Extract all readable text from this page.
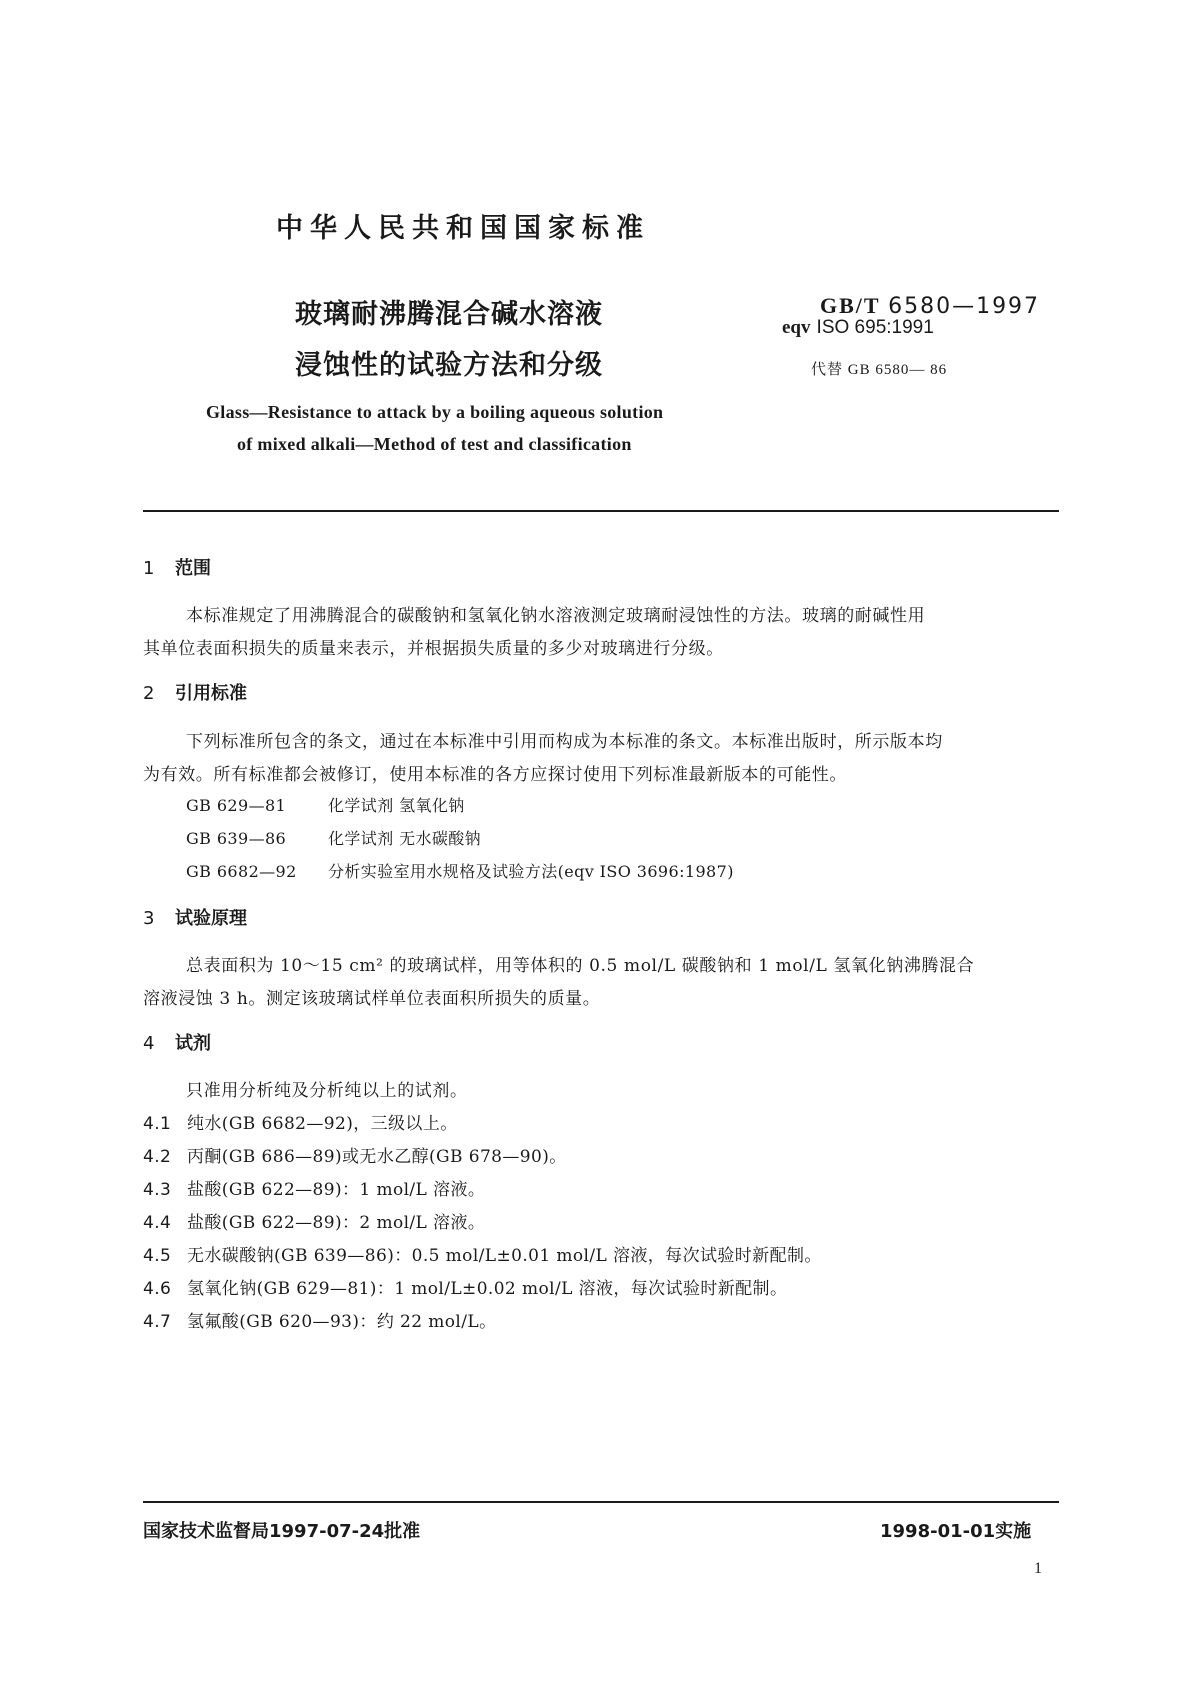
中华人民共和国国家标准
玻璃耐沸腾混合碱水溶液
浸蚀性的试验方法和分级
GB/T 6580—1997
eqv ISO 695:1991
代替 GB 6580— 86
Glass—Resistance to attack by a boiling aqueous solution
of mixed alkali—Method of test and classification
1 范围
本标准规定了用沸腾混合的碳酸钠和氢氧化钠水溶液测定玻璃耐浸蚀性的方法。玻璃的耐碱性用
其单位表面积损失的质量来表示，并根据损失质量的多少对玻璃进行分级。
2 引用标准
下列标准所包含的条文，通过在本标准中引用而构成为本标准的条文。本标准出版时，所示版本均
为有效。所有标准都会被修订，使用本标准的各方应探讨使用下列标准最新版本的可能性。
GB 629—81	化学试剂 氢氧化钠
GB 639—86	化学试剂 无水碳酸钠
GB 6682—92 分析实验室用水规格及试验方法(eqv ISO 3696:1987)
3 试验原理
总表面积为 10～15 cm² 的玻璃试样，用等体积的 0.5 mol/L 碳酸钠和 1 mol/L 氢氧化钠沸腾混合
溶液浸蚀 3 h。测定该玻璃试样单位表面积所损失的质量。
4 试剂
只准用分析纯及分析纯以上的试剂。
4.1 纯水(GB 6682—92)，三级以上。
4.2 丙酮(GB 686—89)或无水乙醇(GB 678—90)。
4.3 盐酸(GB 622—89)：1 mol/L 溶液。
4.4 盐酸(GB 622—89)：2 mol/L 溶液。
4.5 无水碳酸钠(GB 639—86)：0.5 mol/L±0.01 mol/L 溶液，每次试验时新配制。
4.6 氢氧化钠(GB 629—81)：1 mol/L±0.02 mol/L 溶液，每次试验时新配制。
4.7 氢氟酸(GB 620—93)：约 22 mol/L。
国家技术监督局1997-07-24批准	1998-01-01实施
1
